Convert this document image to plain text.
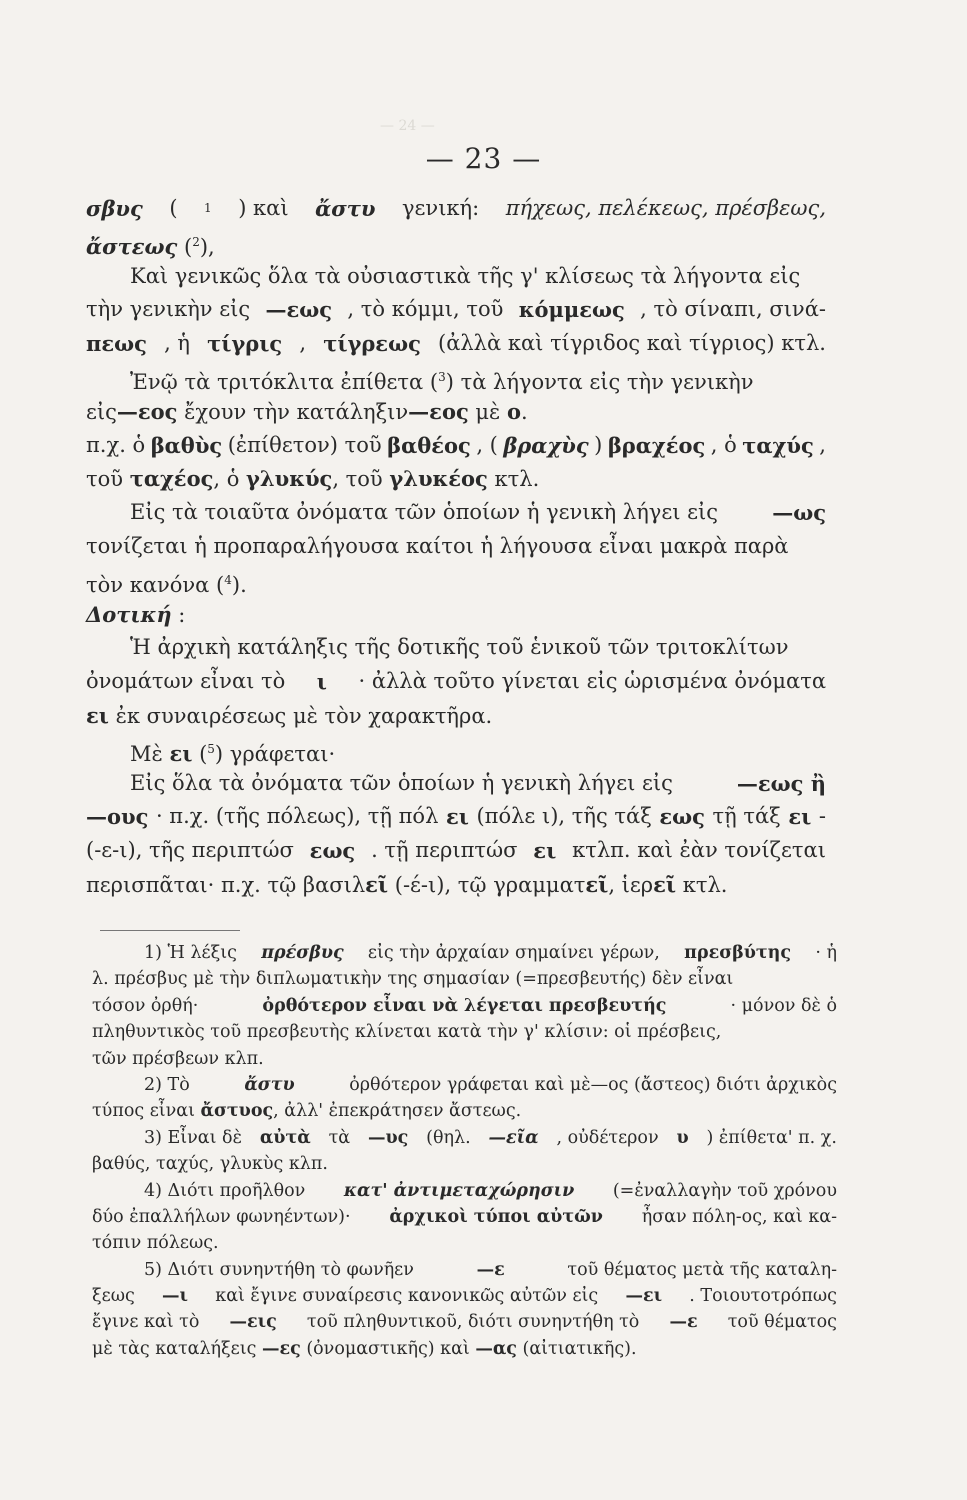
— 24 —
— 23 —
σβυς ( 1 ) καὶ ἄστυ γενική: πήχεως, πελέκεως, πρέσβεως,
ἄστεως ($^2$),
Καὶ γενικῶς ὅλα τὰ οὐσιαστικὰ τῆς γ' κλίσεως τὰ λήγοντα εἰς
τὴν γενικὴν εἰς —εως , τὸ κόμμι, τοῦ κόμμεως , τὸ σίναπι, σινά-
πεως , ἡ τίγρις , τίγρεως (ἀλλὰ καὶ τίγριδος καὶ τίγριος) κτλ.
Ἐνῷ τὰ τριτόκλιτα ἐπίθετα ($^3$) τὰ λήγοντα εἰς τὴν γενικὴν
εἰς—εος ἔχουν τὴν κατάληξιν—εος μὲ ο.
π.χ. ὁ βαθὺς (ἐπίθετον) τοῦ βαθέος , ( βραχὺς ) βραχέος , ὁ ταχύς ,
τοῦ ταχέος, ὁ γλυκύς, τοῦ γλυκέος κτλ.
Εἰς τὰ τοιαῦτα ὀνόματα τῶν ὁποίων ἡ γενικὴ λήγει εἰς	—ως
τονίζεται ἡ προπαραλήγουσα καίτοι ἡ λήγουσα εἶναι μακρὰ παρὰ
τὸν κανόνα ($^4$).
Δοτική :
Ἡ ἀρχικὴ κατάληξις τῆς δοτικῆς τοῦ ἑνικοῦ τῶν τριτοκλίτων
ὀνομάτων εἶναι τὸ ι · ἀλλὰ τοῦτο γίνεται εἰς ὡρισμένα ὀνόματα
ει ἐκ συναιρέσεως μὲ τὸν χαρακτῆρα.
Μὲ ει ($^5$) γράφεται·
Εἰς ὅλα τὰ ὀνόματα τῶν ὁποίων ἡ γενικὴ λήγει εἰς	—εως ἢ
—ους · π.χ. (τῆς πόλεως), τῇ πόλ ει (πόλε ι), τῆς τάξ εως τῇ τάξ ει -
(-ε-ι), τῆς περιπτώσ εως . τῇ περιπτώσ ει κτλπ. καὶ ἐὰν τονίζεται
περισπᾶται· π.χ. τῷ βασιλεῖ (-έ-ι), τῷ γραμματεῖ, ἱερεῖ κτλ.
1) Ἡ λέξις πρέσβυς εἰς τὴν ἀρχαίαν σημαίνει γέρων, πρεσβύτης · ἡ
λ. πρέσβυς μὲ τὴν διπλωματικὴν της σημασίαν (=πρεσβευτής) δὲν εἶναι
τόσον ὀρθή·	ὀρθότερον εἶναι νὰ λέγεται πρεσβευτής	· μόνον δὲ ὁ
πληθυντικὸς τοῦ πρεσβευτὴς κλίνεται κατὰ τὴν γ' κλίσιν: οἱ πρέσβεις,
τῶν πρέσβεων κλπ.
2) Τὸ	ἄστυ	ὀρθότερον γράφεται καὶ μὲ—ος (ἄστεος) διότι ἀρχικὸς
τύπος εἶναι ἄστυος, ἀλλ' ἐπεκράτησεν ἄστεως.
3) Εἶναι δὲ αὐτὰ τὰ —υς (θηλ. —εῖα , οὐδέτερον υ ) ἐπίθετα' π. χ.
βαθύς, ταχύς, γλυκὺς κλπ.
4) Διότι προῆλθον κατ' ἀντιμεταχώρησιν (=ἐναλλαγὴν τοῦ χρόνου
δύο ἐπαλλήλων φωνηέντων)· ἀρχικοὶ τύποι αὐτῶν ἦσαν πόλη-ος, καὶ κα-
τόπιν πόλεως.
5) Διότι συνηντήθη τὸ φωνῆεν	—ε	τοῦ θέματος μετὰ τῆς καταλη-
ξεως —ι καὶ ἔγινε συναίρεσις κανονικῶς αὐτῶν εἰς —ει . Τοιουτοτρόπως
ἔγινε καὶ τὸ —εις τοῦ πληθυντικοῦ, διότι συνηντήθη τὸ —ε τοῦ θέματος
μὲ τὰς καταλήξεις —ες (ὀνομαστικῆς) καὶ —ας (αἰτιατικῆς).
